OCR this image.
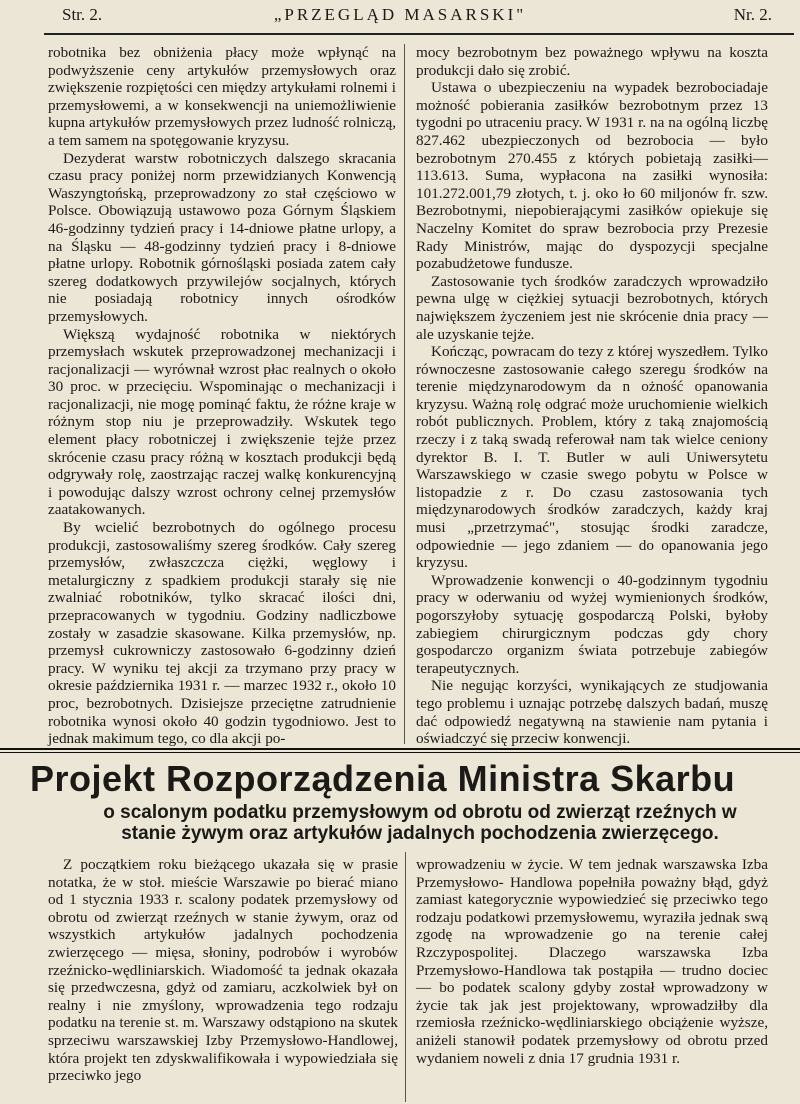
Str. 2.	„PRZEGLĄD MASARSKI"	Nr. 2.

robotnika bez obniżenia płacy może wpłynąć na podwyższenie ceny artykułów przemysłowych oraz zwiększenie rozpiętości cen między artykułami rolnemi i przemysłowemi, a w konsekwencji na uniemożliwienie kupna artykułów przemysłowych przez ludność rolniczą, a tem samem na spotęgowanie kryzysu.

Dezyderat warstw robotniczych dalszego skracania czasu pracy poniżej norm przewidzianych Konwencją Waszyngtońską, przeprowadzony zo stał częściowo w Polsce. Obowiązują ustawowo poza Górnym Śląskiem 46-godzinny tydzień pracy i 14-dniowe płatne urlopy, a na Śląsku — 48-godzinny tydzień pracy i 8-dniowe płatne urlopy. Robotnik górnośląski posiada zatem cały szereg dodatkowych przywilejów socjalnych, których nie posiadają robotnicy innych ośrodków przemysłowych.

Większą wydajność robotnika w niektórych przemysłach wskutek przeprowadzonej mechanizacji i racjonalizacji — wyrównał wzrost płac realnych o około 30 proc. w przecięciu. Wspominając o mechanizacji i racjonalizacji, nie mogę pominąć faktu, że różne kraje w różnym stop niu je przeprowadziły. Wskutek tego element płacy robotniczej i zwiększenie tejże przez skrócenie czasu pracy różną w kosztach produkcji będą odgrywały rolę, zaostrzając raczej walkę konkurencyjną i powodując dalszy wzrost ochrony celnej przemysłów zaatakowanych.

By wcielić bezrobotnych do ogólnego procesu produkcji, zastosowaliśmy szereg środków. Cały szereg przemysłów, zwłaszczcza ciężki, węglowy i metalurgiczny z spadkiem produkcji starały się nie zwalniać robotników, tylko skracać ilości dni, przepracowanych w tygodniu. Godziny nadliczbowe zostały w zasadzie skasowane. Kilka przemysłów, np. przemysł cukrowniczy zastosowało 6-godzinny dzień pracy. W wyniku tej akcji za trzymano przy pracy w okresie października 1931 r. — marzec 1932 r., około 10 proc, bezrobotnych. Dzisiejsze przeciętne zatrudnienie robotnika wynosi około 40 godzin tygodniowo. Jest to jednak makimum tego, co dla akcji po-

mocy bezrobotnym bez poważnego wpływu na koszta produkcji dało się zrobić.

Ustawa o ubezpieczeniu na wypadek bezrobociadaje możność pobierania zasiłków bezrobotnym przez 13 tygodni po utraceniu pracy. W 1931 r. na na ogólną liczbę 827.462 ubezpieczonych od bezrobocia — było bezrobotnym 270.455 z których pobietają zasiłki—113.613. Suma, wypłacona na zasiłki wynosiła: 101.272.001,79 złotych, t. j. oko ło 60 miljonów fr. szw. Bezrobotnymi, niepobierającymi zasiłków opiekuje się Naczelny Komitet do spraw bezrobocia przy Prezesie Rady Ministrów, mając do dyspozycji specjalne pozabudżetowe fundusze.

Zastosowanie tych środków zaradczych wprowadziło pewna ulgę w ciężkiej sytuacji bezrobotnych, których największem życzeniem jest nie skrócenie dnia pracy — ale uzyskanie tejże.

Kończąc, powracam do tezy z której wyszedłem. Tylko równoczesne zastosowanie całego szeregu środków na terenie międzynarodowym da n ożność opanowania kryzysu. Ważną rolę odgrać może uruchomienie wielkich robót publicznych. Problem, który z taką znajomością rzeczy i z taką swadą referował nam tak wielce ceniony dyrektor B. I. T. Butler w auli Uniwersytetu Warszawskiego w czasie swego pobytu w Polsce w listopadzie z r. Do czasu zastosowania tych międzynarodowych środków zaradczych, każdy kraj musi „przetrzymać", stosując środki zaradcze, odpowiednie — jego zdaniem — do opanowania jego kryzysu.

Wprowadzenie konwencji o 40-godzinnym tygodniu pracy w oderwaniu od wyżej wymienionych środków, pogorszyłoby sytuację gospodarczą Polski, byłoby zabiegiem chirurgicznym podczas gdy chory gospodarczo organizm świata potrzebuje zabiegów terapeutycznych.

Nie negując korzyści, wynikających ze studjowania tego problemu i uznając potrzebę dalszych badań, muszę dać odpowiedź negatywną na stawienie nam pytania i oświadczyć się przeciw konwencji.

Projekt Rozporządzenia Ministra Skarbu
o scalonym podatku przemysłowym od obrotu od zwierząt rzeźnych w stanie żywym oraz artykułów jadalnych pochodzenia zwierzęcego.

Z początkiem roku bieżącego ukazała się w prasie notatka, że w stoł. mieście Warszawie po bierać miano od 1 stycznia 1933 r. scalony podatek przemysłowy od obrotu od zwierząt rzeźnych w stanie żywym, oraz od wszystkich artykułów jadalnych pochodzenia zwierzęcego — mięsa, słoniny, podrobów i wyrobów rzeźnicko-wędliniarskich. Wiadomość ta jednak okazała się przedwczesna, gdyż od zamiaru, aczkolwiek był on realny i nie zmyślony, wprowadzenia tego rodzaju podatku na terenie st. m. Warszawy odstąpiono na skutek sprzeciwu warszawskiej Izby Przemysłowo-Handlowej, która projekt ten zdyskwalifikowała i wypowiedziała się przeciwko jego

wprowadzeniu w życie. W tem jednak warszawska Izba Przemysłowo- Handlowa popełniła poważny błąd, gdyż zamiast kategorycznie wypowiedzieć się przeciwko tego rodzaju podatkowi przemysłowemu, wyraziła jednak swą zgodę na wprowadzenie go na terenie całej Rzczypospolitej. Dlaczego warszawska Izba Przemysłowo-Handlowa tak postąpiła — trudno dociec — bo podatek scalony gdyby został wprowadzony w życie tak jak jest projektowany, wprowadziłby dla rzemiosła rzeźnicko-wędliniarskiego obciążenie wyższe, aniżeli stanowił podatek przemysłowy od obrotu przed wydaniem noweli z dnia 17 grudnia 1931 r.
